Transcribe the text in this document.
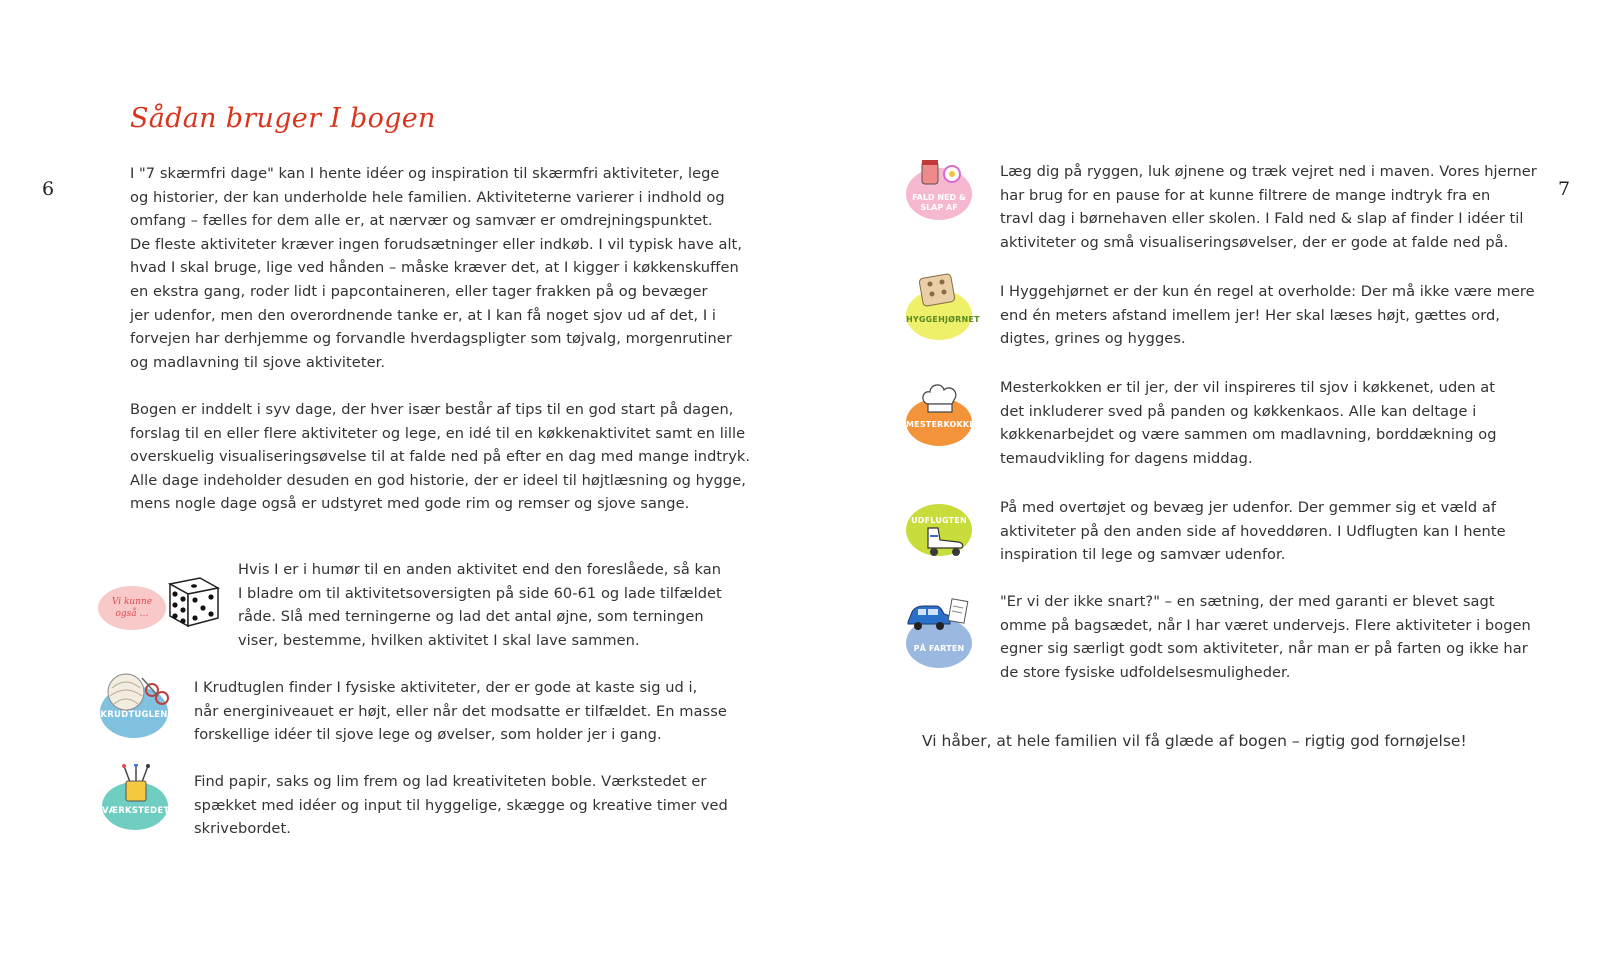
6	7
Sådan bruger I bogen
I "7 skærmfri dage" kan I hente idéer og inspiration til skærmfri aktiviteter, lege
og historier, der kan underholde hele familien. Aktiviteterne varierer i indhold og
omfang – fælles for dem alle er, at nærvær og samvær er omdrejningspunktet.
De fleste aktiviteter kræver ingen forudsætninger eller indkøb. I vil typisk have alt,
hvad I skal bruge, lige ved hånden – måske kræver det, at I kigger i køkkenskuffen
en ekstra gang, roder lidt i papcontaineren, eller tager frakken på og bevæger
jer udenfor, men den overordnende tanke er, at I kan få noget sjov ud af det, I i
forvejen har derhjemme og forvandle hverdagspligter som tøjvalg, morgenrutiner
og madlavning til sjove aktiviteter.
Bogen er inddelt i syv dage, der hver især består af tips til en god start på dagen,
forslag til en eller flere aktiviteter og lege, en idé til en køkkenaktivitet samt en lille
overskuelig visualiseringsøvelse til at falde ned på efter en dag med mange indtryk.
Alle dage indeholder desuden en god historie, der er ideel til højtlæsning og hygge,
mens nogle dage også er udstyret med gode rim og remser og sjove sange.
Vi kunne
også …
Hvis I er i humør til en anden aktivitet end den foreslåede, så kan
I bladre om til aktivitetsoversigten på side 60-61 og lade tilfældet
råde. Slå med terningerne og lad det antal øjne, som terningen
viser, bestemme, hvilken aktivitet I skal lave sammen.
KRUDTUGLEN
I Krudtuglen finder I fysiske aktiviteter, der er gode at kaste sig ud i,
når energiniveauet er højt, eller når det modsatte er tilfældet. En masse
forskellige idéer til sjove lege og øvelser, som holder jer i gang.
VÆRKSTEDET
Find papir, saks og lim frem og lad kreativiteten boble. Værkstedet er
spækket med idéer og input til hyggelige, skægge og kreative timer ved
skrivebordet.
FALD NED &
SLAP AF
Læg dig på ryggen, luk øjnene og træk vejret ned i maven. Vores hjerner
har brug for en pause for at kunne filtrere de mange indtryk fra en
travl dag i børnehaven eller skolen. I Fald ned & slap af finder I idéer til
aktiviteter og små visualiseringsøvelser, der er gode at falde ned på.
HYGGEHJØRNET
I Hyggehjørnet er der kun én regel at overholde: Der må ikke være mere
end én meters afstand imellem jer! Her skal læses højt, gættes ord,
digtes, grines og hygges.
MESTERKOKKEN
Mesterkokken er til jer, der vil inspireres til sjov i køkkenet, uden at
det inkluderer sved på panden og køkkenkaos. Alle kan deltage i
køkkenarbejdet og være sammen om madlavning, borddækning og
temaudvikling for dagens middag.
UDFLUGTEN
På med overtøjet og bevæg jer udenfor. Der gemmer sig et væld af
aktiviteter på den anden side af hoveddøren. I Udflugten kan I hente
inspiration til lege og samvær udenfor.
PÅ FARTEN
"Er vi der ikke snart?" – en sætning, der med garanti er blevet sagt
omme på bagsædet, når I har været undervejs. Flere aktiviteter i bogen
egner sig særligt godt som aktiviteter, når man er på farten og ikke har
de store fysiske udfoldelsesmuligheder.
Vi håber, at hele familien vil få glæde af bogen – rigtig god fornøjelse!
